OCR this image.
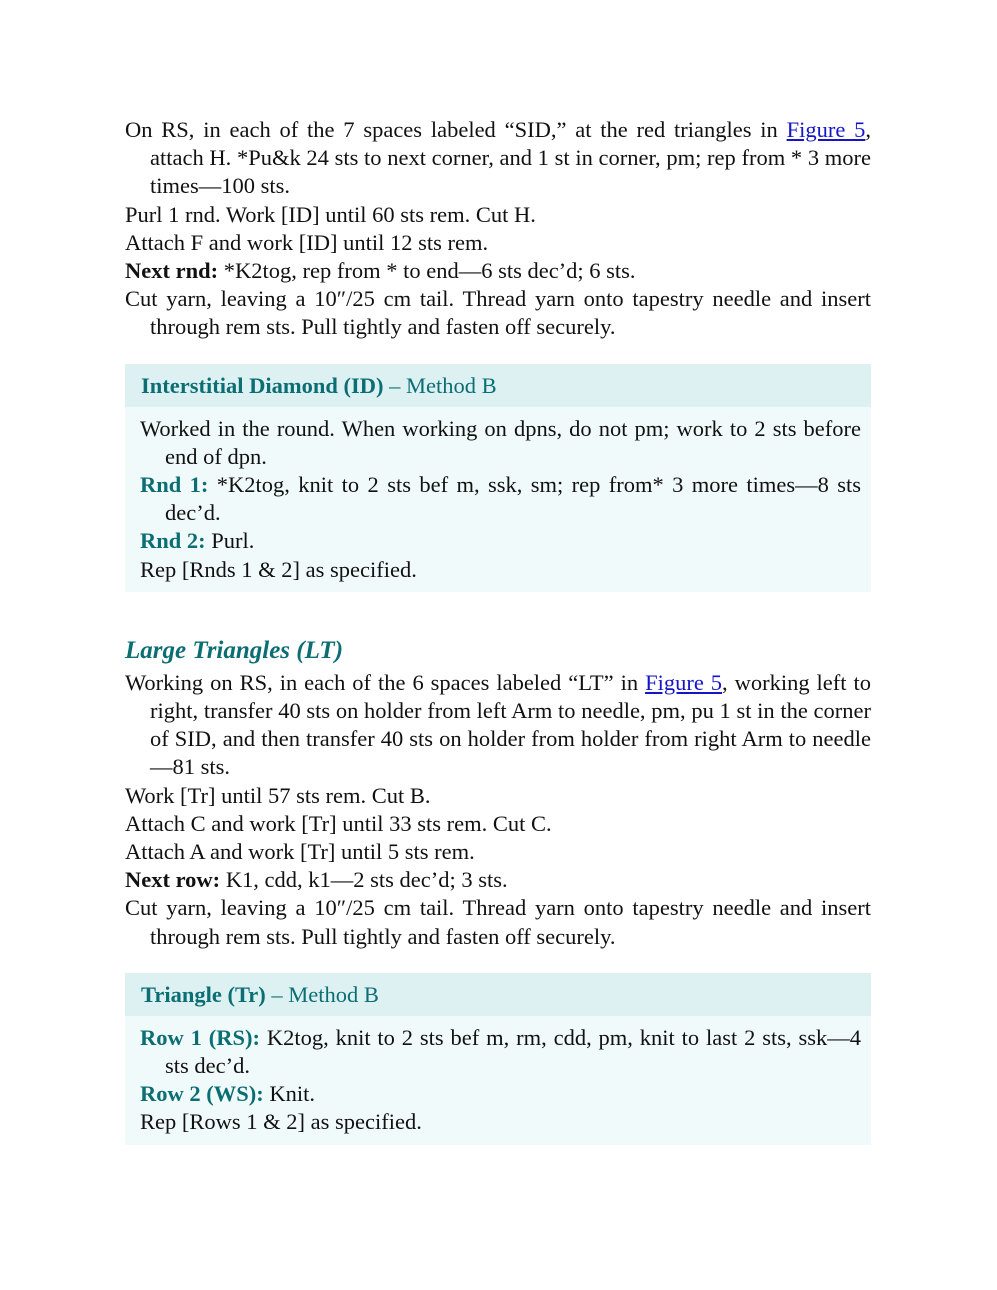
On RS, in each of the 7 spaces labeled “SID,” at the red triangles in Figure 5, attach H. *Pu&k 24 sts to next corner, and 1 st in corner, pm; rep from * 3 more times—100 sts.

Purl 1 rnd. Work [ID] until 60 sts rem. Cut H.

Attach F and work [ID] until 12 sts rem.

Next rnd: *K2tog, rep from * to end—6 sts dec’d; 6 sts.

Cut yarn, leaving a 10″/25 cm tail. Thread yarn onto tapestry needle and insert through rem sts. Pull tightly and fasten off securely.

Interstitial Diamond (ID) – Method B

Worked in the round. When working on dpns, do not pm; work to 2 sts before end of dpn.

Rnd 1: *K2tog, knit to 2 sts bef m, ssk, sm; rep from* 3 more times—8 sts dec’d.

Rnd 2: Purl.

Rep [Rnds 1 & 2] as specified.

Large Triangles (LT)

Working on RS, in each of the 6 spaces labeled “LT” in Figure 5, working left to right, transfer 40 sts on holder from left Arm to needle, pm, pu 1 st in the corner of SID, and then transfer 40 sts on holder from holder from right Arm to needle—81 sts.

Work [Tr] until 57 sts rem. Cut B.

Attach C and work [Tr] until 33 sts rem. Cut C.

Attach A and work [Tr] until 5 sts rem.

Next row: K1, cdd, k1—2 sts dec’d; 3 sts.

Cut yarn, leaving a 10″/25 cm tail. Thread yarn onto tapestry needle and insert through rem sts. Pull tightly and fasten off securely.

Triangle (Tr) – Method B

Row 1 (RS): K2tog, knit to 2 sts bef m, rm, cdd, pm, knit to last 2 sts, ssk—4 sts dec’d.

Row 2 (WS): Knit.

Rep [Rows 1 & 2] as specified.
